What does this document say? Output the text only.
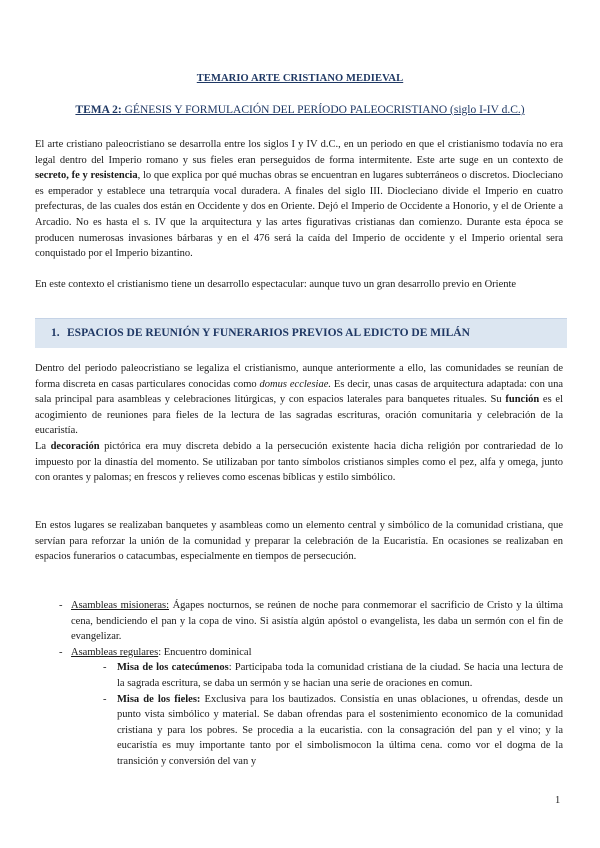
TEMARIO ARTE CRISTIANO MEDIEVAL
TEMA 2: GÉNESIS Y FORMULACIÓN DEL PERÍODO PALEOCRISTIANO (siglo I-IV d.C.)

El arte cristiano paleocristiano se desarrolla entre los siglos I y IV d.C., en un periodo en que el cristianismo todavía no era legal dentro del Imperio romano y sus fieles eran perseguidos de forma intermitente. Este arte suge en un contexto de secreto, fe y resistencia, lo que explica por qué muchas obras se encuentran en lugares subterráneos o discretos. Diocleciano es emperador y establece una tetrarquía vocal duradera. A finales del siglo III. Diocleciano divide el Imperio en cuatro prefecturas, de las cuales dos están en Occidente y dos en Oriente. Dejó el Imperio de Occidente a Honorio, y el de Oriente a Arcadio. No es hasta el s. IV que la arquitectura y las artes figurativas cristianas dan comienzo. Durante esta época se producen numerosas invasiones bárbaras y en el 476 será la caída del Imperio de occidente y el Imperio oriental sera conquistado por el Imperio bizantino.

En este contexto el cristianismo tiene un desarrollo espectacular: aunque tuvo un gran desarrollo previo en Oriente

1. ESPACIOS DE REUNIÓN Y FUNERARIOS PREVIOS AL EDICTO DE MILÁN

Dentro del periodo paleocristiano se legaliza el cristianismo, aunque anteriormente a ello, las comunidades se reunían de forma discreta en casas particulares conocidas como domus ecclesiae. Es decir, unas casas de arquitectura adaptada: con una sala principal para asambleas y celebraciones litúrgicas, y con espacios laterales para banquetes rituales. Su función es el acogimiento de reuniones para fieles de la lectura de las sagradas escrituras, oración comunitaria y celebración de la eucaristía.

La decoración pictórica era muy discreta debido a la persecución existente hacia dicha religión por contrariedad de lo impuesto por la dinastía del momento. Se utilizaban por tanto símbolos cristianos simples como el pez, alfa y omega, junto con orantes y palomas; en frescos y relieves como escenas bíblicas y estilo simbólico.

En estos lugares se realizaban banquetes y asambleas como un elemento central y simbólico de la comunidad cristiana, que servían para reforzar la unión de la comunidad y preparar la celebración de la Eucaristía. En ocasiones se realizaban en espacios funerarios o catacumbas, especialmente en tiempos de persecución.

- Asambleas misioneras: Ágapes nocturnos, se reúnen de noche para conmemorar el sacrificio de Cristo y la última cena, bendiciendo el pan y la copa de vino. Si asistía algún apóstol o evangelista, les daba un sermón con el fin de evangelizar.
- Asambleas regulares: Encuentro dominical
- Misa de los catecúmenos: Participaba toda la comunidad cristiana de la ciudad. Se hacia una lectura de la sagrada escritura, se daba un sermón y se hacian una serie de oraciones en comun.
- Misa de los fieles: Exclusiva para los bautizados. Consistía en unas oblaciones, u ofrendas, desde un punto vista simbólico y material. Se daban ofrendas para el sostenimiento economico de la comunidad cristiana y para los pobres. Se procedia a la eucaristia. con la consagración del pan y el vino; y la eucaristía es muy importante tanto por el simbolismocon la última cena. como vor el dogma de la transición y conversión del van y
1
